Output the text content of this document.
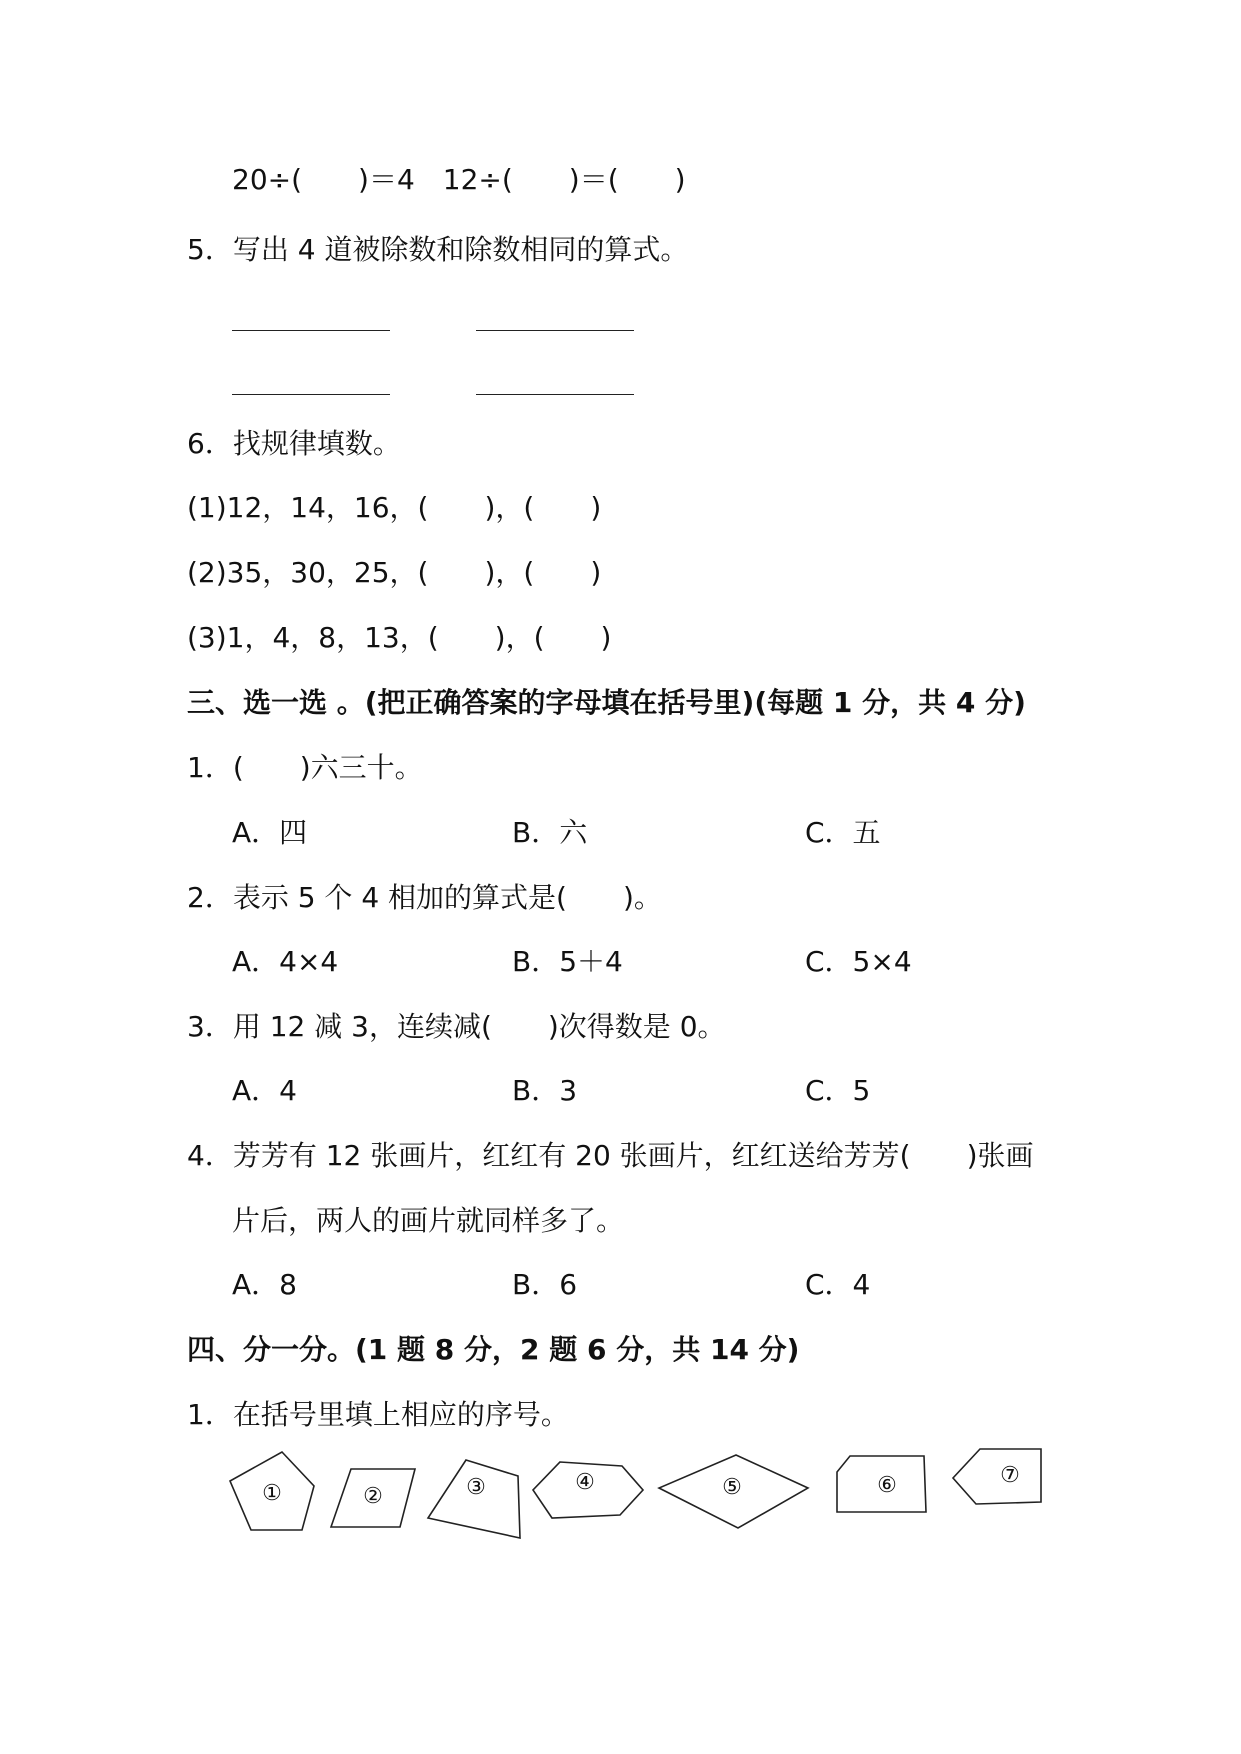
20÷(　　)＝4　12÷(　　)＝(　　)
5．写出 4 道被除数和除数相同的算式。
6．找规律填数。
(1)12，14，16，(　　)，(　　)
(2)35，30，25，(　　)，(　　)
(3)1，4，8，13，(　　)，(　　)
三、选一选 。(把正确答案的字母填在括号里)(每题 1 分，共 4 分)
1．(　　)六三十。
A．四	B．六	C．五
2．表示 5 个 4 相加的算式是(　　)。
A．4×4	B．5＋4	C．5×4
3．用 12 减 3，连续减(　　)次得数是 0。
A．4	B．3	C．5
4．芳芳有 12 张画片，红红有 20 张画片，红红送给芳芳(　　)张画
片后，两人的画片就同样多了。
A．8	B．6	C．4
四、分一分。(1 题 8 分，2 题 6 分，共 14 分)
1．在括号里填上相应的序号。
①	②	③	④	⑤	⑥	⑦
